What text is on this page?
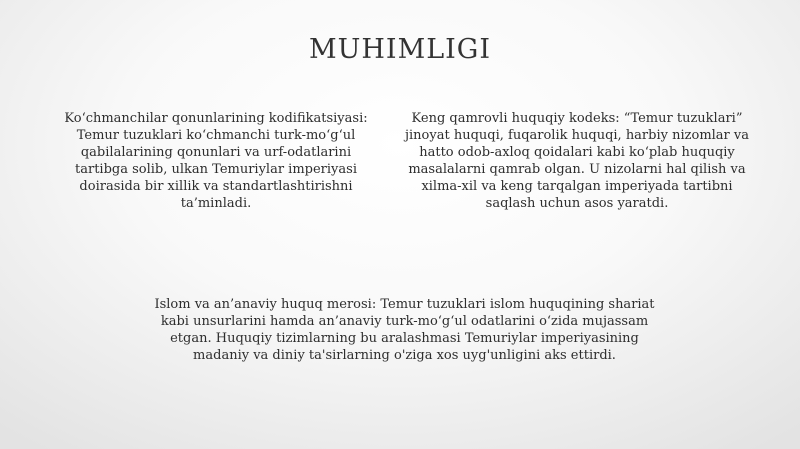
MUHIMLIGI

Koʻchmanchilar qonunlarining kodifikatsiyasi: Temur tuzuklari koʻchmanchi turk-moʻgʻul qabilalarining qonunlari va urf-odatlarini tartibga solib, ulkan Temuriylar imperiyasi doirasida bir xillik va standartlashtirishni ta’minladi.

Keng qamrovli huquqiy kodeks: “Temur tuzuklari” jinoyat huquqi, fuqarolik huquqi, harbiy nizomlar va hatto odob-axloq qoidalari kabi koʻplab huquqiy masalalarni qamrab olgan. U nizolarni hal qilish va xilma-xil va keng tarqalgan imperiyada tartibni saqlash uchun asos yaratdi.

Islom va an’anaviy huquq merosi: Temur tuzuklari islom huquqining shariat kabi unsurlarini hamda an’anaviy turk-moʻgʻul odatlarini oʻzida mujassam etgan. Huquqiy tizimlarning bu aralashmasi Temuriylar imperiyasining madaniy va diniy ta'sirlarning o'ziga xos uyg'unligini aks ettirdi.
